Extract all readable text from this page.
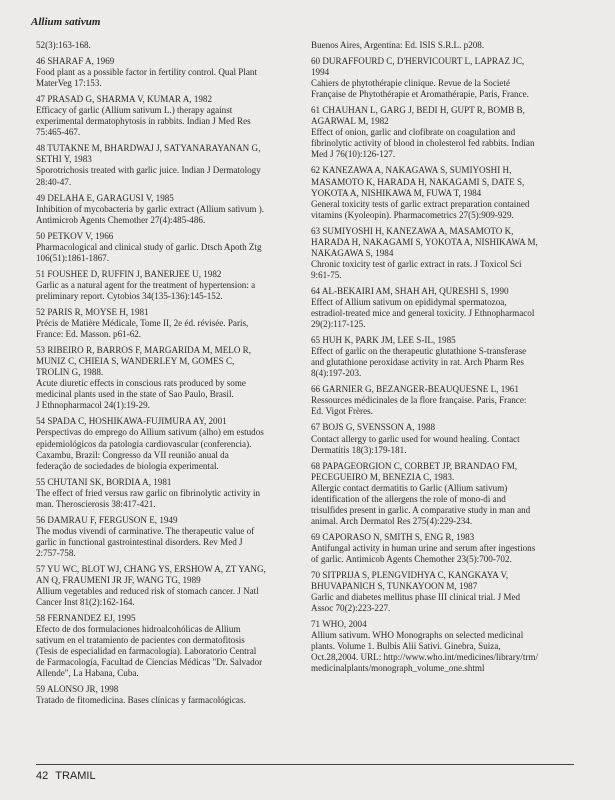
Allium sativum
52(3):163-168.
46 SHARAF A, 1969
Food plant as a possible factor in fertility control. Qual Plant
MaterVeg 17:153.
47 PRASAD G, SHARMA V, KUMAR A, 1982
Efficacy of garlic (Allium sativum L.) therapy against
experimental dermatophytosis in rabbits. Indian J Med Res
75:465-467.
48 TUTAKNE M, BHARDWAJ J, SATYANARAYANAN G,
SETHI Y, 1983
Sporotrichosis treated with garlic juice. Indian J Dermatology
28:40-47.
49 DELAHA E, GARAGUSI V, 1985
Inhibition of mycobacteria by garlic extract (Allium sativum ).
Antimicrob Agents Chemother 27(4):485-486.
50 PETKOV V, 1966
Pharmacological and clinical study of garlic. Dtsch Apoth Ztg
106(51):1861-1867.
51 FOUSHEE D, RUFFIN J, BANERJEE U, 1982
Garlic as a natural agent for the treatment of hypertension: a
preliminary report. Cytobios 34(135-136):145-152.
52 PARIS R, MOYSE H, 1981
Précis de Matière Médicale, Tome II, 2e éd. révisée. Paris,
France: Ed. Masson. p61-62.
53 RIBEIRO R, BARROS F, MARGARIDA M, MELO R,
MUNIZ C, CHIEIA S, WANDERLEY M, GOMES C,
TROLIN G, 1988.
Acute diuretic effects in conscious rats produced by some
medicinal plants used in the state of Sao Paulo, Brasil.
J Ethnopharmacol 24(1):19-29.
54 SPADA C, HOSHIKAWA-FUJIMURA AY, 2001
Perspectivas do emprego do Allium sativum (alho) em estudos
epidemiológicos da patologia cardiovascular (conferencia).
Caxambu, Brazil: Congresso da VII reunião anual da
federação de sociedades de biologia experimental.
55 CHUTANI SK, BORDIA A, 1981
The effect of fried versus raw garlic on fibrinolytic activity in
man. Theroscierosis 38:417-421.
56 DAMRAU F, FERGUSON E, 1949
The modus vivendi of carminative. The therapeutic value of
garlic in functional gastrointestinal disorders. Rev Med J
2:757-758.
57 YU WC, BLOT WJ, CHANG YS, ERSHOW A, ZT YANG,
AN Q, FRAUMENI JR JF, WANG TG, 1989
Allium vegetables and reduced risk of stomach cancer. J Natl
Cancer Inst 81(2):162-164.
58 FERNANDEZ EJ, 1995
Efecto de dos formulaciones hidroalcohólicas de Allium
sativum en el tratamiento de pacientes con dermatofitosis
(Tesis de especialidad en farmacología). Laboratorio Central
de Farmacología, Facultad de Ciencias Médicas "Dr. Salvador
Allende", La Habana, Cuba.
59 ALONSO JR, 1998
Tratado de fitomedicina. Bases clínicas y farmacológicas.
Buenos Aires, Argentina: Ed. ISIS S.R.L. p208.
60 DURAFFOURD C, D'HERVICOURT L, LAPRAZ JC,
1994
Cahiers de phytothérapie clinique. Revue de la Societé
Française de Phytothérapie et Aromathérapie, Paris, France.
61 CHAUHAN L, GARG J, BEDI H, GUPT R, BOMB B,
AGARWAL M, 1982
Effect of onion, garlic and clofibrate on coagulation and
fibrinolytic activity of blood in cholesterol fed rabbits. Indian
Med J 76(10):126-127.
62 KANEZAWA A, NAKAGAWA S, SUMIYOSHI H,
MASAMOTO K, HARADA H, NAKAGAMI S, DATE S,
YOKOTA A, NISHIKAWA M, FUWA T, 1984
General toxicity tests of garlic extract preparation contained
vitamins (Kyoleopin). Pharmacometrics 27(5):909-929.
63 SUMIYOSHI H, KANEZAWA A, MASAMOTO K,
HARADA H, NAKAGAMI S, YOKOTA A, NISHIKAWA M,
NAKAGAWA S, 1984
Chronic toxicity test of garlic extract in rats. J Toxicol Sci
9:61-75.
64 AL-BEKAIRI AM, SHAH AH, QURESHI S, 1990
Effect of Allium sativum on epididymal spermatozoa,
estradiol-treated mice and general toxicity. J Ethnopharmacol
29(2):117-125.
65 HUH K, PARK JM, LEE S-IL, 1985
Effect of garlic on the therapeutic glutathione S-transferase
and glutathione peroxidase activity in rat. Arch Pharm Res
8(4):197-203.
66 GARNIER G, BEZANGER-BEAUQUESNE L, 1961
Ressources médicinales de la flore française. Paris, France:
Ed. Vigot Frères.
67 BOJS G, SVENSSON A, 1988
Contact allergy to garlic used for wound healing. Contact
Dermatitis 18(3):179-181.
68 PAPAGEORGION C, CORBET JP, BRANDAO FM,
PECEGUEIRO M, BENEZIA C, 1983.
Allergic contact dermatitis to Garlic (Allium sativum)
identification of the allergens the role of mono-di and
trisulfides present in garlic. A comparative study in man and
animal. Arch Dermatol Res 275(4):229-234.
69 CAPORASO N, SMITH S, ENG R, 1983
Antifungal activity in human urine and serum after ingestions
of garlic. Antimicob Agents Chemother 23(5):700-702.
70 SITPRIJA S, PLENGVIDHYA C, KANGKAYA V,
BHUVAPANICH S, TUNKAYOON M, 1987
Garlic and diabetes mellitus phase III clinical trial. J Med
Assoc 70(2):223-227.
71 WHO, 2004
Allium sativum. WHO Monographs on selected medicinal
plants. Volume 1. Bulbis Alii Sativi. Ginebra, Suiza,
Oct.28,2004. URL: http://www.who.int/medicines/library/trm/
medicinalplants/monograph_volume_one.shtml
42 TRAMIL
